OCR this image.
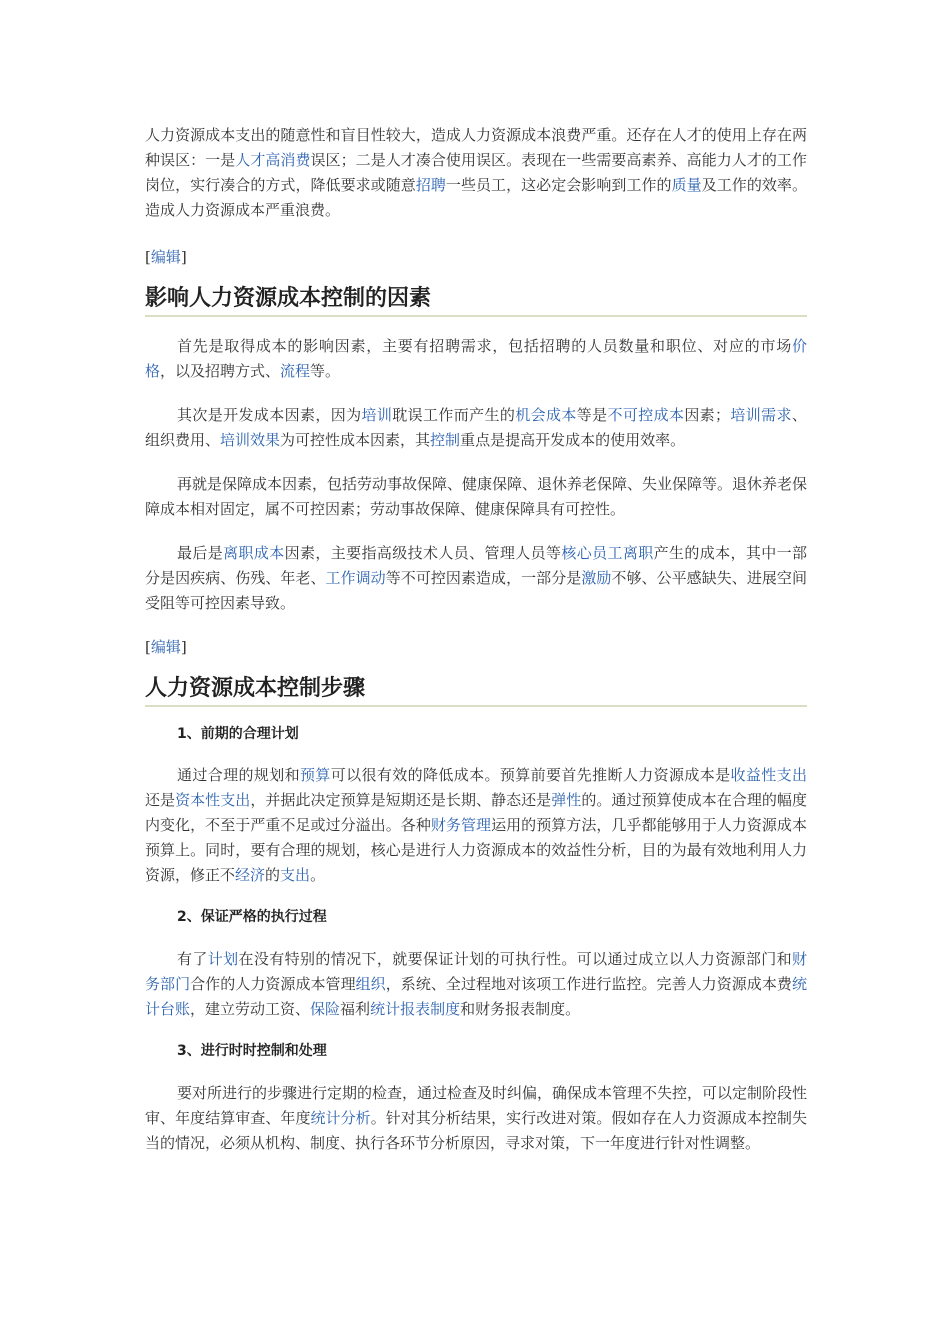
人力资源成本支出的随意性和盲目性较大，造成人力资源成本浪费严重。还存在人才的使用上存在两种误区：一是人才高消费误区；二是人才凑合使用误区。表现在一些需要高素养、高能力人才的工作岗位，实行凑合的方式，降低要求或随意招聘一些员工，这必定会影响到工作的质量及工作的效率。造成人力资源成本严重浪费。

[编辑]
影响人力资源成本控制的因素

首先是取得成本的影响因素，主要有招聘需求，包括招聘的人员数量和职位、对应的市场价格，以及招聘方式、流程等。

其次是开发成本因素，因为培训耽误工作而产生的机会成本等是不可控成本因素；培训需求、组织费用、培训效果为可控性成本因素，其控制重点是提高开发成本的使用效率。

再就是保障成本因素，包括劳动事故保障、健康保障、退休养老保障、失业保障等。退休养老保障成本相对固定，属不可控因素；劳动事故保障、健康保障具有可控性。

最后是离职成本因素，主要指高级技术人员、管理人员等核心员工离职产生的成本，其中一部分是因疾病、伤残、年老、工作调动等不可控因素造成，一部分是激励不够、公平感缺失、进展空间受阻等可控因素导致。

[编辑]
人力资源成本控制步骤
1、前期的合理计划

通过合理的规划和预算可以很有效的降低成本。预算前要首先推断人力资源成本是收益性支出还是资本性支出，并据此决定预算是短期还是长期、静态还是弹性的。通过预算使成本在合理的幅度内变化，不至于严重不足或过分溢出。各种财务管理运用的预算方法，几乎都能够用于人力资源成本预算上。同时，要有合理的规划，核心是进行人力资源成本的效益性分析，目的为最有效地利用人力资源，修正不经济的支出。

2、保证严格的执行过程

有了计划在没有特别的情况下，就要保证计划的可执行性。可以通过成立以人力资源部门和财务部门合作的人力资源成本管理组织，系统、全过程地对该项工作进行监控。完善人力资源成本费统计台账，建立劳动工资、保险福利统计报表制度和财务报表制度。

3、进行时时控制和处理

要对所进行的步骤进行定期的检查，通过检查及时纠偏，确保成本管理不失控，可以定制阶段性审、年度结算审查、年度统计分析。针对其分析结果，实行改进对策。假如存在人力资源成本控制失当的情况，必须从机构、制度、执行各环节分析原因，寻求对策，下一年度进行针对性调整。
